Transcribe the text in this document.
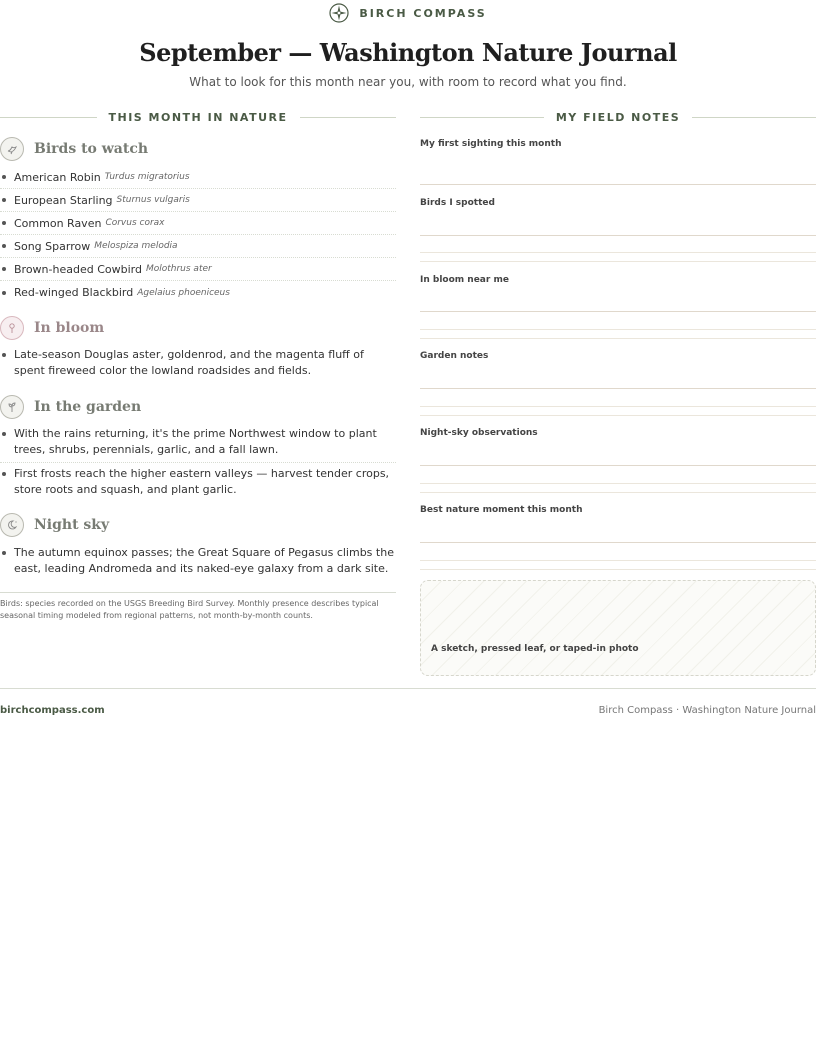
BIRCH COMPASS
September — Washington Nature Journal
What to look for this month near you, with room to record what you find.
THIS MONTH IN NATURE	MY FIELD NOTES
Birds to watch
American Robin Turdus migratorius
European Starling Sturnus vulgaris
Common Raven Corvus corax
Song Sparrow Melospiza melodia
Brown-headed Cowbird Molothrus ater
Red-winged Blackbird Agelaius phoeniceus
In bloom
Late-season Douglas aster, goldenrod, and the magenta fluff of spent fireweed color the lowland roadsides and fields.
In the garden
With the rains returning, it's the prime Northwest window to plant trees, shrubs, perennials, garlic, and a fall lawn.
First frosts reach the higher eastern valleys — harvest tender crops, store roots and squash, and plant garlic.
Night sky
The autumn equinox passes; the Great Square of Pegasus climbs the east, leading Andromeda and its naked-eye galaxy from a dark site.
Birds: species recorded on the USGS Breeding Bird Survey. Monthly presence describes typical seasonal timing modeled from regional patterns, not month-by-month counts.
My first sighting this month
Birds I spotted
In bloom near me
Garden notes
Night-sky observations
Best nature moment this month
A sketch, pressed leaf, or taped-in photo
birchcompass.com	Birch Compass · Washington Nature Journal
